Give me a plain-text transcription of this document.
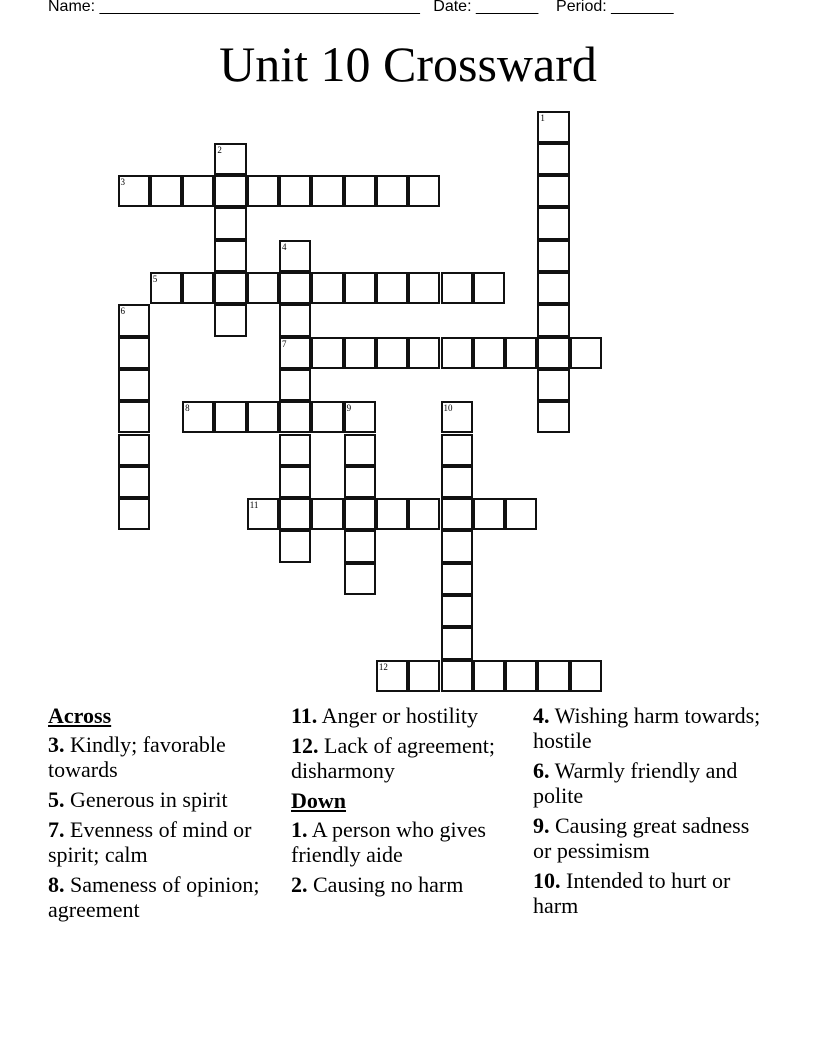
Name: ____________________________________ Date: _______ Period: _______
Unit 10 Crossward
1
2
3
4
7
5
6
8	9	10
11
12
Across
3. Kindly; favorable towards
5. Generous in spirit
7. Evenness of mind or spirit; calm
8. Sameness of opinion; agreement
11. Anger or hostility
12. Lack of agreement; disharmony
Down
1. A person who gives friendly aide
2. Causing no harm
4. Wishing harm towards; hostile
6. Warmly friendly and polite
9. Causing great sadness or pessimism
10. Intended to hurt or harm
